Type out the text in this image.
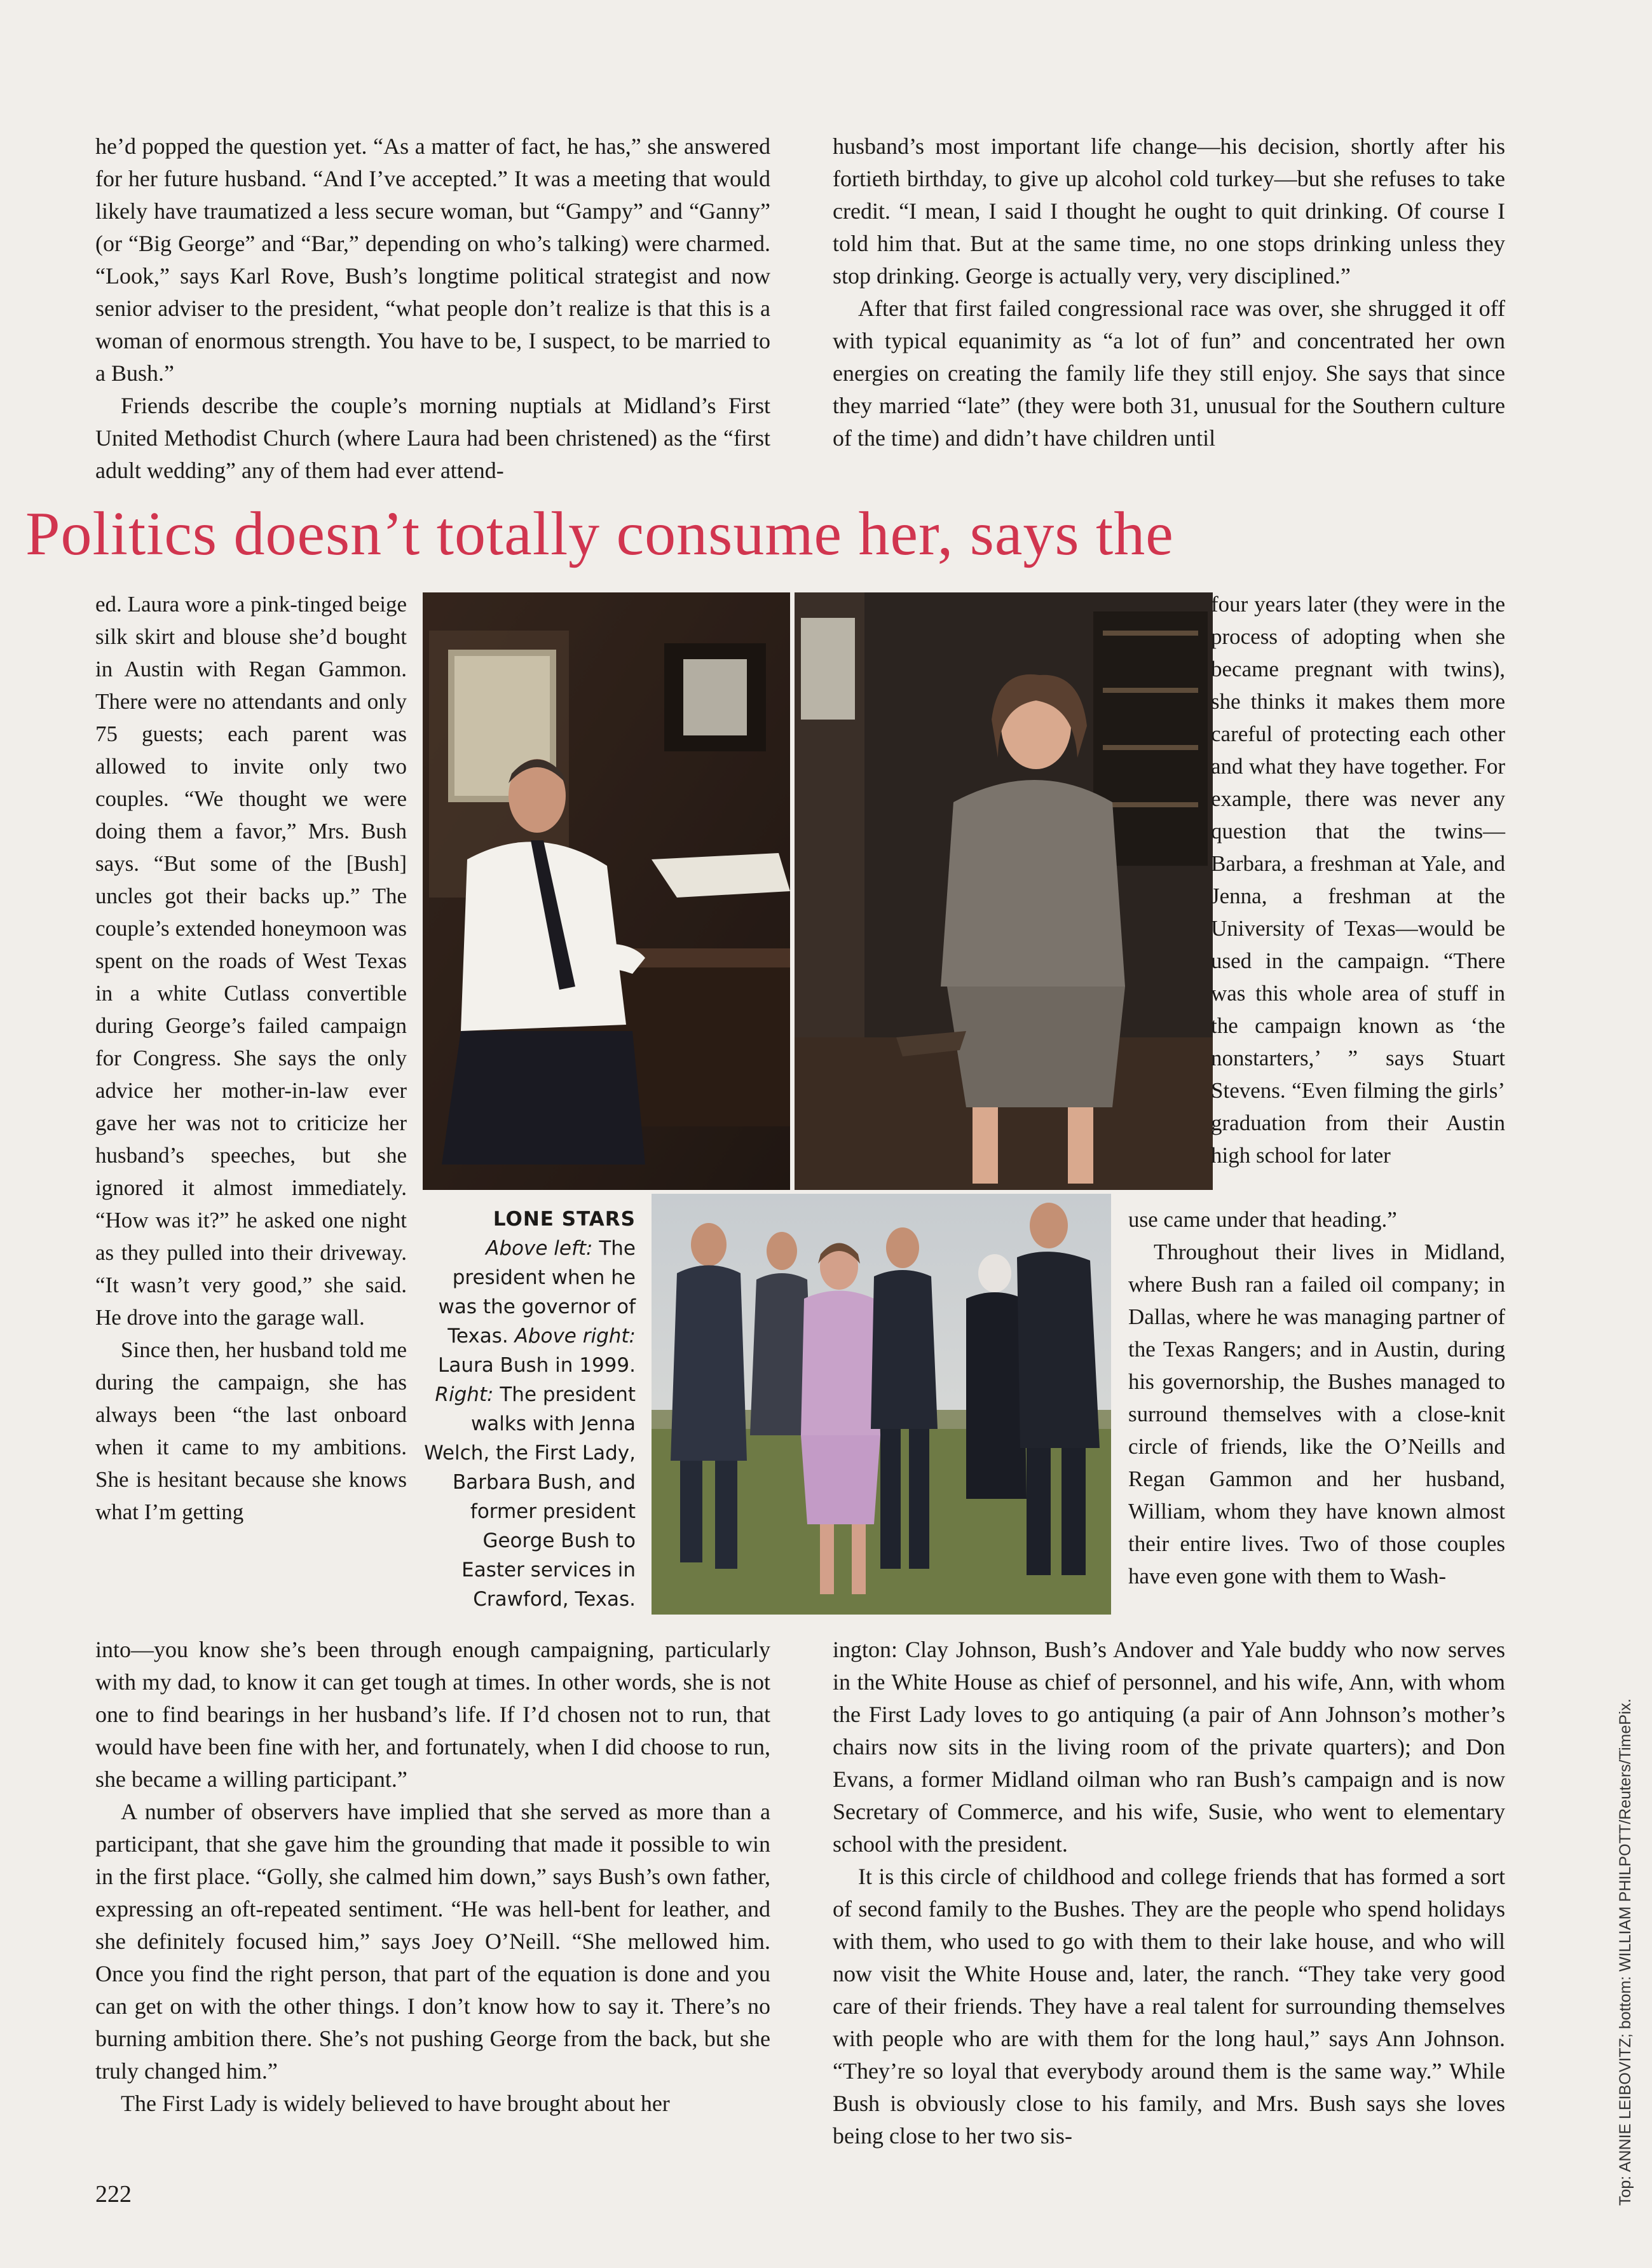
he’d popped the question yet. “As a matter of fact, he has,” she answered for her future husband. “And I’ve accepted.” It was a meeting that would likely have traumatized a less secure woman, but “Gampy” and “Ganny” (or “Big George” and “Bar,” depending on who’s talking) were charmed. “Look,” says Karl Rove, Bush’s longtime political strategist and now senior adviser to the president, “what people don’t realize is that this is a woman of enormous strength. You have to be, I suspect, to be married to a Bush.”

Friends describe the couple’s morning nuptials at Midland’s First United Methodist Church (where Laura had been christened) as the “first adult wedding” any of them had ever attend-

husband’s most important life change—his decision, shortly after his fortieth birthday, to give up alcohol cold turkey—but she refuses to take credit. “I mean, I said I thought he ought to quit drinking. Of course I told him that. But at the same time, no one stops drinking unless they stop drinking. George is actually very, very disciplined.”

After that first failed congressional race was over, she shrugged it off with typical equanimity as “a lot of fun” and concentrated her own energies on creating the family life they still enjoy. She says that since they married “late” (they were both 31, unusual for the Southern culture of the time) and didn’t have children until

Politics doesn’t totally consume her, says the

ed. Laura wore a pink-tinged beige silk skirt and blouse she’d bought in Austin with Regan Gammon. There were no attendants and only 75 guests; each parent was allowed to invite only two couples. “We thought we were doing them a favor,” Mrs. Bush says. “But some of the [Bush] uncles got their backs up.” The couple’s extended honeymoon was spent on the roads of West Texas in a white Cutlass convertible during George’s failed campaign for Congress. She says the only advice her mother-in-law ever gave her was not to criticize her husband’s speeches, but she ignored it almost immediately. “How was it?” he asked one night as they pulled into their driveway. “It wasn’t very good,” she said. He drove into the garage wall.

Since then, her husband told me during the campaign, she has always been “the last onboard when it came to my ambitions. She is hesitant because she knows what I’m getting

LONE STARS
Above left: The president when he was the governor of Texas. Above right: Laura Bush in 1999. Right: The president walks with Jenna Welch, the First Lady, Barbara Bush, and former president George Bush to Easter services in Crawford, Texas.

four years later (they were in the process of adopting when she became pregnant with twins), she thinks it makes them more careful of protecting each other and what they have together. For example, there was never any question that the twins—Barbara, a freshman at Yale, and Jenna, a freshman at the University of Texas—would be used in the campaign. “There was this whole area of stuff in the campaign known as ‘the nonstarters,’ ” says Stuart Stevens. “Even filming the girls’ graduation from their Austin high school for later

use came under that heading.”

Throughout their lives in Midland, where Bush ran a failed oil company; in Dallas, where he was managing partner of the Texas Rangers; and in Austin, during his governorship, the Bushes managed to surround themselves with a close-knit circle of friends, like the O’Neills and Regan Gammon and her husband, William, whom they have known almost their entire lives. Two of those couples have even gone with them to Wash-

into—you know she’s been through enough campaigning, particularly with my dad, to know it can get tough at times. In other words, she is not one to find bearings in her husband’s life. If I’d chosen not to run, that would have been fine with her, and fortunately, when I did choose to run, she became a willing participant.”

A number of observers have implied that she served as more than a participant, that she gave him the grounding that made it possible to win in the first place. “Golly, she calmed him down,” says Bush’s own father, expressing an oft-repeated sentiment. “He was hell-bent for leather, and she definitely focused him,” says Joey O’Neill. “She mellowed him. Once you find the right person, that part of the equation is done and you can get on with the other things. I don’t know how to say it. There’s no burning ambition there. She’s not pushing George from the back, but she truly changed him.”

The First Lady is widely believed to have brought about her

ington: Clay Johnson, Bush’s Andover and Yale buddy who now serves in the White House as chief of personnel, and his wife, Ann, with whom the First Lady loves to go antiquing (a pair of Ann Johnson’s mother’s chairs now sits in the living room of the private quarters); and Don Evans, a former Midland oilman who ran Bush’s campaign and is now Secretary of Commerce, and his wife, Susie, who went to elementary school with the president.

It is this circle of childhood and college friends that has formed a sort of second family to the Bushes. They are the people who spend holidays with them, who used to go with them to their lake house, and who will now visit the White House and, later, the ranch. “They take very good care of their friends. They have a real talent for surrounding themselves with people who are with them for the long haul,” says Ann Johnson. “They’re so loyal that everybody around them is the same way.” While Bush is obviously close to his family, and Mrs. Bush says she loves being close to her two sis-

222	Top: ANNIE LEIBOVITZ; bottom: WILLIAM PHILPOTT/Reuters/TimePix.
